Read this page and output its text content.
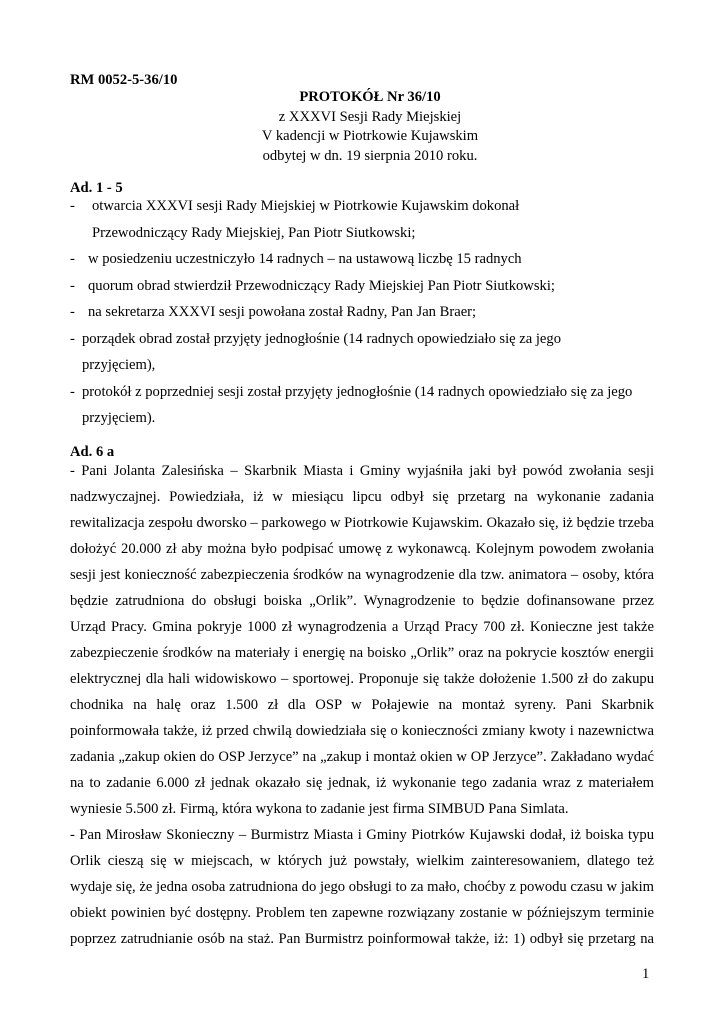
RM 0052-5-36/10
PROTOKÓŁ Nr 36/10
z XXXVI Sesji Rady Miejskiej
V kadencji w Piotrkowie Kujawskim
odbytej w dn. 19 sierpnia 2010 roku.
Ad. 1 - 5
- otwarcia XXXVI sesji Rady Miejskiej w Piotrkowie Kujawskim dokonał
Przewodniczący Rady Miejskiej, Pan Piotr Siutkowski;
- w posiedzeniu uczestniczyło 14 radnych – na ustawową liczbę 15 radnych
- quorum obrad stwierdził Przewodniczący Rady Miejskiej Pan Piotr Siutkowski;
- na sekretarza XXXVI sesji powołana został Radny, Pan Jan Braer;
- porządek obrad został przyjęty jednogłośnie (14 radnych opowiedziało się za jego
przyjęciem),
- protokół z poprzedniej sesji został przyjęty jednogłośnie (14 radnych opowiedziało się za jego
przyjęciem).
Ad. 6 a
- Pani Jolanta Zalesińska – Skarbnik Miasta i Gminy wyjaśniła jaki był powód zwołania sesji
nadzwyczajnej. Powiedziała, iż w miesiącu lipcu odbył się przetarg na wykonanie zadania
rewitalizacja zespołu dworsko – parkowego w Piotrkowie Kujawskim. Okazało się, iż będzie trzeba
dołożyć 20.000 zł aby można było podpisać umowę z wykonawcą. Kolejnym powodem zwołania
sesji jest konieczność zabezpieczenia środków na wynagrodzenie dla tzw. animatora – osoby, która
będzie zatrudniona do obsługi boiska „Orlik”. Wynagrodzenie to będzie dofinansowane przez
Urząd Pracy. Gmina pokryje 1000 zł wynagrodzenia a Urząd Pracy 700 zł. Konieczne jest także
zabezpieczenie środków na materiały i energię na boisko „Orlik” oraz na pokrycie kosztów energii
elektrycznej dla hali widowiskowo – sportowej. Proponuje się także dołożenie 1.500 zł do zakupu
chodnika na halę oraz 1.500 zł dla OSP w Połajewie na montaż syreny. Pani Skarbnik
poinformowała także, iż przed chwilą dowiedziała się o konieczności zmiany kwoty i nazewnictwa
zadania „zakup okien do OSP Jerzyce” na „zakup i montaż okien w OP Jerzyce”. Zakładano wydać
na to zadanie 6.000 zł jednak okazało się jednak, iż wykonanie tego zadania wraz z materiałem
wyniesie 5.500 zł. Firmą, która wykona to zadanie jest firma SIMBUD Pana Simlata.
- Pan Mirosław Skonieczny – Burmistrz Miasta i Gminy Piotrków Kujawski dodał, iż boiska typu
Orlik cieszą się w miejscach, w których już powstały, wielkim zainteresowaniem, dlatego też
wydaje się, że jedna osoba zatrudniona do jego obsługi to za mało, choćby z powodu czasu w jakim
obiekt powinien być dostępny. Problem ten zapewne rozwiązany zostanie w późniejszym terminie
poprzez zatrudnianie osób na staż. Pan Burmistrz poinformował także, iż: 1) odbył się przetarg na
1
